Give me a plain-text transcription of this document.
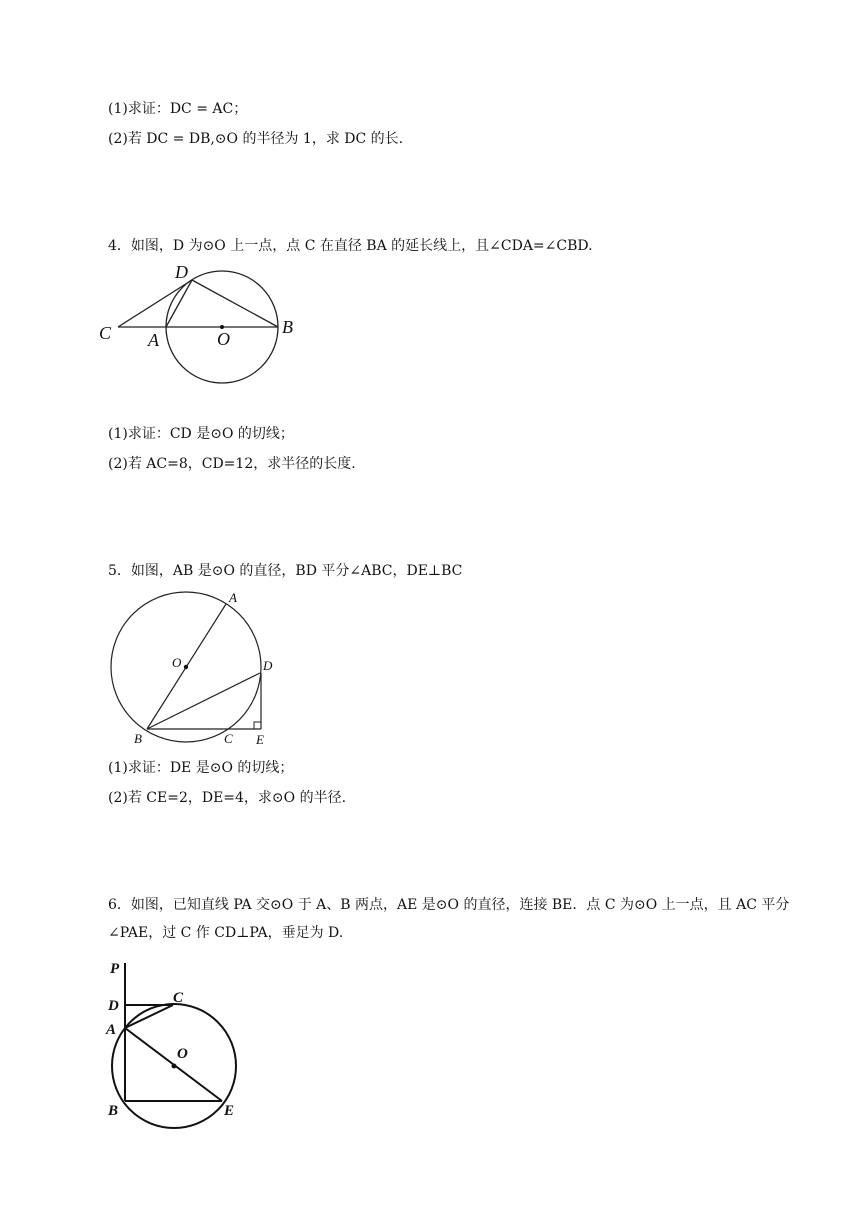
(1)求证：DC = AC；
(2)若 DC = DB,⊙O 的半径为 1，求 DC 的长.
4．如图，D 为⊙O 上一点，点 C 在直径 BA 的延长线上，且∠CDA=∠CBD.
D
C A	O
B
(1)求证：CD 是⊙O 的切线；
(2)若 AC=8，CD=12，求半径的长度.
5．如图，AB 是⊙O 的直径，BD 平分∠ABC，DE⊥BC
A
O	D
B	C E
(1)求证：DE 是⊙O 的切线；
(2)若 CE=2，DE=4，求⊙O 的半径.
6．如图，已知直线 PA 交⊙O 于 A、B 两点，AE 是⊙O 的直径，连接 BE．点 C 为⊙O 上一点，且 AC 平分
∠PAE，过 C 作 CD⊥PA，垂足为 D.
P
D	C
A
O
B	E
